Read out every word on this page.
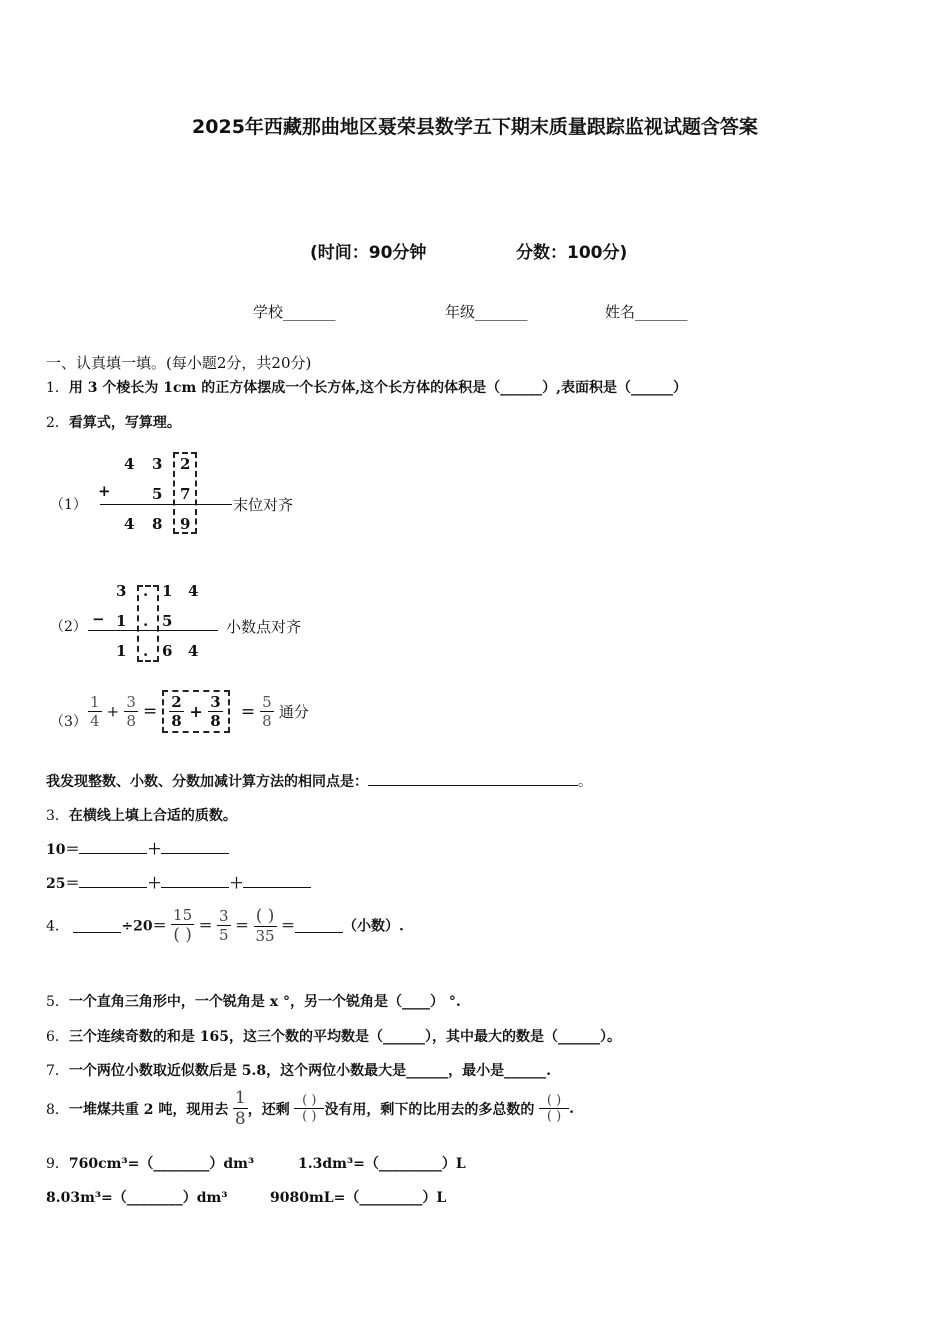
2025年西藏那曲地区聂荣县数学五下期末质量跟踪监视试题含答案
(时间：90分钟	分数：100分)
学校_______	年级_______	姓名_______
一、认真填一填。(每小题2分，共20分)
1．用 3 个棱长为 1cm 的正方体摆成一个长方体,这个长方体的体积是（______）,表面积是（______）
2．看算式，写算理。
（1）
4 3 2
+	5 7
4 8 9
末位对齐
（2）
3 . 1 4
− 1 . 5
1 . 6 4
小数点对齐
$(3) \frac{1}{4} + \frac{3}{8} = \frac{2}{8} + \frac{3}{8} = \frac{5}{8}$ 通分
我发现整数、小数、分数加减计算方法的相同点是：	。
3．在横线上填上合适的质数。
10＝	＋
25＝	＋	＋
4．	$\div 20= \frac{15}{( )} = \frac{3}{5} = \frac{( )}{35}$ ＝	（小数）.
5．一个直角三角形中，一个锐角是 x °，另一个锐角是（____） °.
6．三个连续奇数的和是 165，这三个数的平均数是（______），其中最大的数是（______）。
7．一个两位小数取近似数后是 5.8，这个两位小数最大是______，最小是______.
8．一堆煤共重 2 吨，现用去 $\frac{1}{8}$ ，还剩 $\frac{( )}{( )}$ 没有用，剩下的比用去的多总数的 $\frac{( )}{( )}$ .
9．760cm³=（________）dm³	1.3dm³=（_________）L
8.03m³=（________）dm³	9080mL=（_________）L
